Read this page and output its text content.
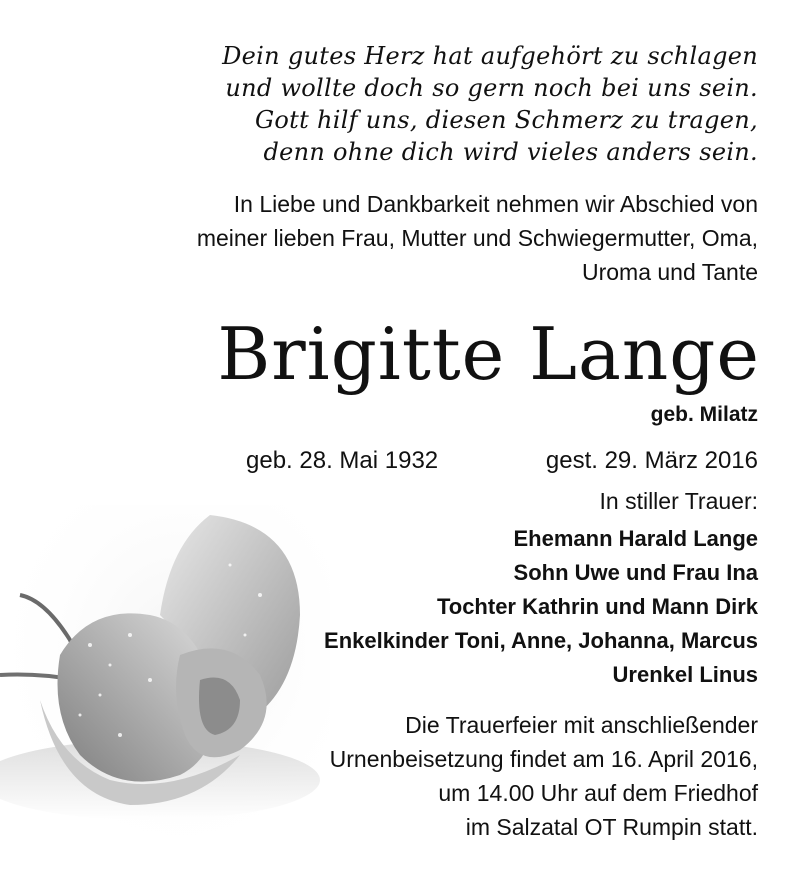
Dein gutes Herz hat aufgehört zu schlagen
und wollte doch so gern noch bei uns sein.
Gott hilf uns, diesen Schmerz zu tragen,
denn ohne dich wird vieles anders sein.
In Liebe und Dankbarkeit nehmen wir Abschied von
meiner lieben Frau, Mutter und Schwiegermutter, Oma,
Uroma und Tante
Brigitte Lange
geb. Milatz
geb. 28. Mai 1932	gest. 29. März 2016
In stiller Trauer:
Ehemann Harald Lange
Sohn Uwe und Frau Ina
Tochter Kathrin und Mann Dirk
Enkelkinder Toni, Anne, Johanna, Marcus
Urenkel Linus
Die Trauerfeier mit anschließender
Urnenbeisetzung findet am 16. April 2016,
um 14.00 Uhr auf dem Friedhof
im Salzatal OT Rumpin statt.
